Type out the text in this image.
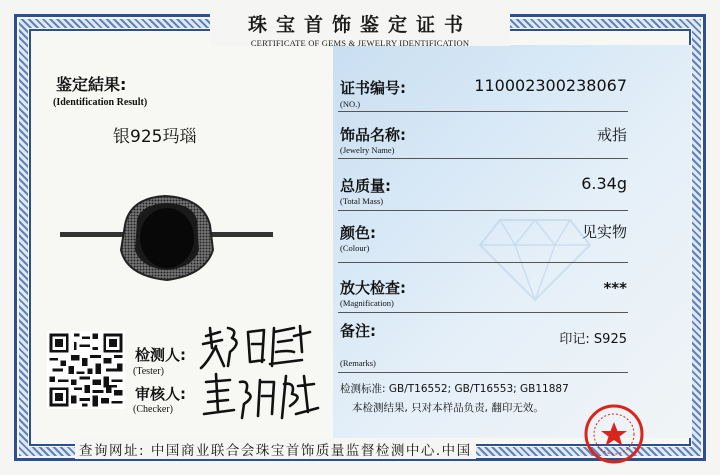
珠宝首饰鉴定证书
CERTIFICATE OF GEMS & JEWELRY IDENTIFICATION
鉴定結果:
(Identification Result)
银925玛瑙
检测人:
(Tester)
审核人:
(Checker)
证书编号:
(NO.)
110002300238067
饰品名称:
(Jewelry Name)
戒指
总质量:
(Total Mass)
6.34g
颜色:
(Colour)
见实物
放大检查:
(Magnification)
***
备注:
(Remarks)
印记: S925
检测标准: GB/T16552; GB/T16553; GB11887
本检测结果, 只对本样品负责, 翻印无效。
查询网址: 中国商业联合会珠宝首饰质量监督检测中心.中国
